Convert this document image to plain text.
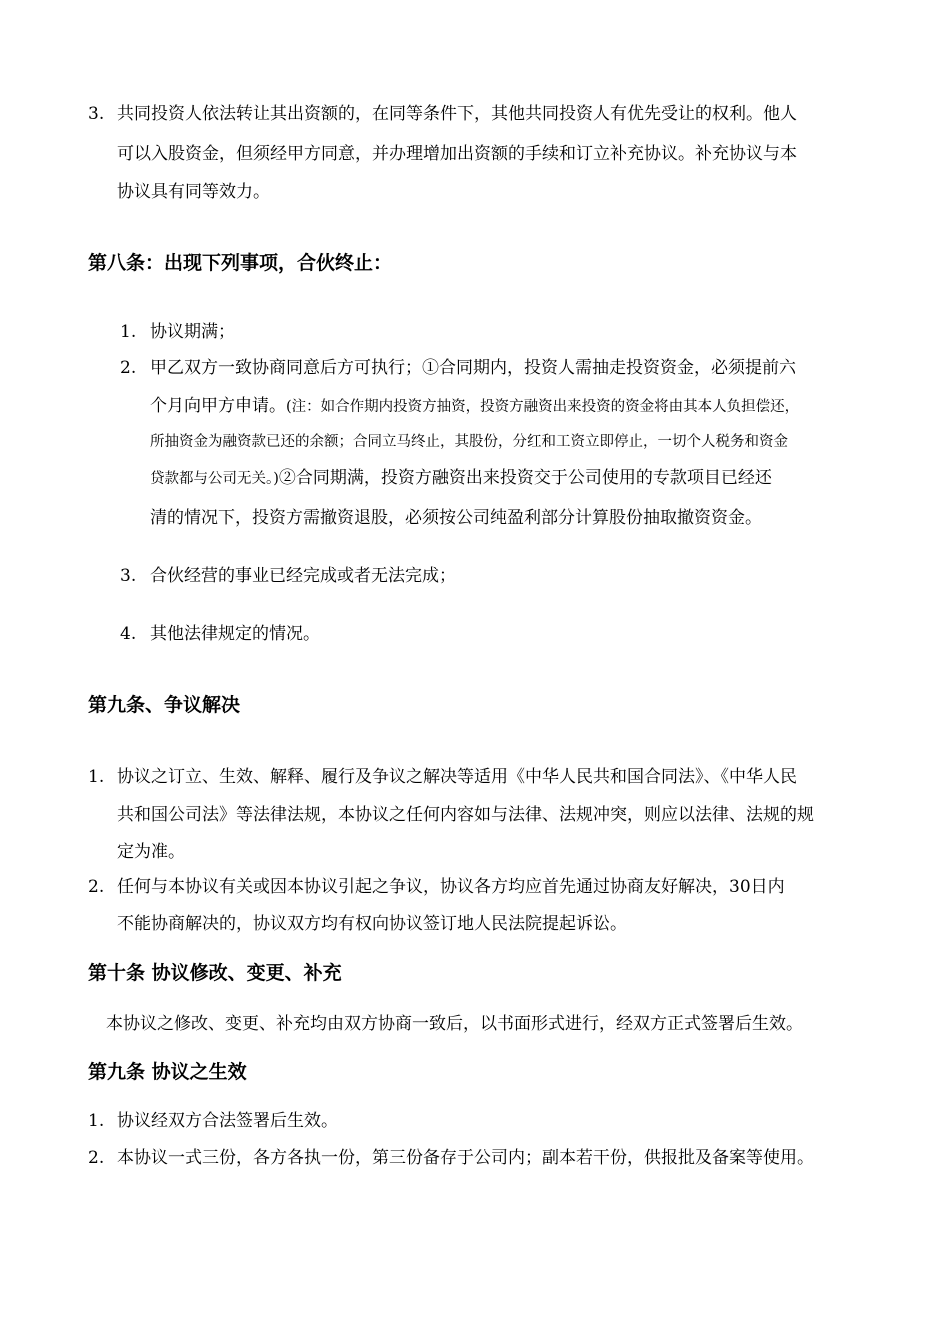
3. 共同投资人依法转让其出资额的，在同等条件下，其他共同投资人有优先受让的权利。他人
可以入股资金，但须经甲方同意，并办理增加出资额的手续和订立补充协议。补充协议与本
协议具有同等效力。
第八条：出现下列事项，合伙终止：
1. 协议期满；
2. 甲乙双方一致协商同意后方可执行；①合同期内，投资人需抽走投资资金，必须提前六
个月向甲方申请。(注：如合作期内投资方抽资，投资方融资出来投资的资金将由其本人负担偿还，
所抽资金为融资款已还的余额；合同立马终止，其股份，分红和工资立即停止，一切个人税务和资金
贷款都与公司无关。)②合同期满，投资方融资出来投资交于公司使用的专款项目已经还
清的情况下，投资方需撤资退股，必须按公司纯盈利部分计算股份抽取撤资资金。
3. 合伙经营的事业已经完成或者无法完成；
4. 其他法律规定的情况。
第九条、争议解决
1. 协议之订立、生效、解释、履行及争议之解决等适用《中华人民共和国合同法》、《中华人民
共和国公司法》等法律法规，本协议之任何内容如与法律、法规冲突，则应以法律、法规的规
定为准。
2. 任何与本协议有关或因本协议引起之争议，协议各方均应首先通过协商友好解决，30日内
不能协商解决的，协议双方均有权向协议签订地人民法院提起诉讼。
第十条 协议修改、变更、补充
本协议之修改、变更、补充均由双方协商一致后，以书面形式进行，经双方正式签署后生效。
第九条 协议之生效
1. 协议经双方合法签署后生效。
2. 本协议一式三份，各方各执一份，第三份备存于公司内；副本若干份，供报批及备案等使用。
